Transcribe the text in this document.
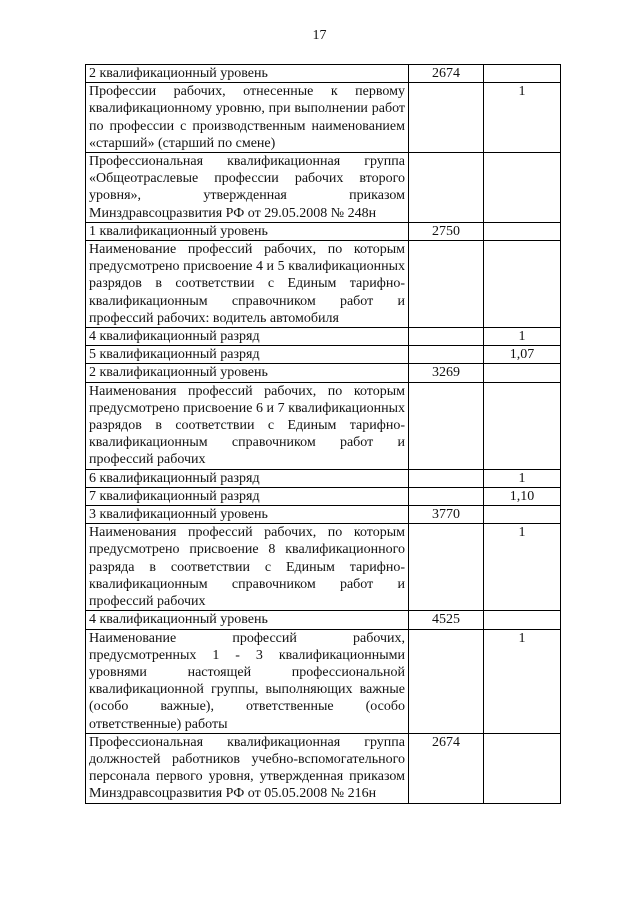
17
2 квалификационный уровень	2674	
Профессии рабочих, отнесенные к первому квалификационному уровню, при выполнении работ по профессии с производственным наименованием «старший» (старший по смене)		1
Профессиональная квалификационная группа «Общеотраслевые профессии рабочих второго уровня», утвержденная приказом Минздравсоцразвития РФ от 29.05.2008 № 248н		
1 квалификационный уровень	2750	
Наименование профессий рабочих, по которым предусмотрено присвоение 4 и 5 квалификационных разрядов в соответствии с Единым тарифно-квалификационным справочником работ и профессий рабочих: водитель автомобиля		
4 квалификационный разряд		1
5 квалификационный разряд		1,07
2 квалификационный уровень	3269	
Наименования профессий рабочих, по которым предусмотрено присвоение 6 и 7 квалификационных разрядов в соответствии с Единым тарифно-квалификационным справочником работ и профессий рабочих		
6 квалификационный разряд		1
7 квалификационный разряд		1,10
3 квалификационный уровень	3770	
Наименования профессий рабочих, по которым предусмотрено присвоение 8 квалификационного разряда в соответствии с Единым тарифно-квалификационным справочником работ и профессий рабочих		1
4 квалификационный уровень	4525	
Наименование профессий рабочих, предусмотренных 1 - 3 квалификационными уровнями настоящей профессиональной квалификационной группы, выполняющих важные (особо важные), ответственные (особо ответственные) работы		1
Профессиональная квалификационная группа должностей работников учебно-вспомогательного персонала первого уровня, утвержденная приказом Минздравсоцразвития РФ от 05.05.2008 № 216н	2674	
